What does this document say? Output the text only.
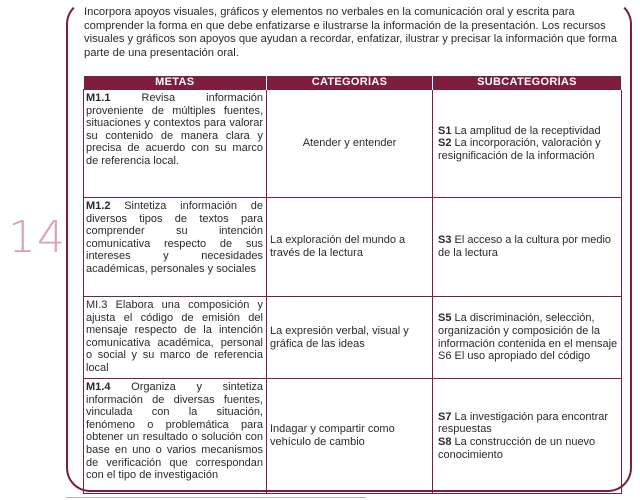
14

Incorpora apoyos visuales, gráficos y elementos no verbales en la comunicación oral y escrita para comprender la forma en que debe enfatizarse e ilustrarse la información de la presentación. Los recursos visuales y gráficos son apoyos que ayudan a recordar, enfatizar, ilustrar y precisar la información que forma parte de una presentación oral.

METAS	CATEGORÍAS	SUBCATEGORÍAS
M1.1 Revisa información proveniente de múltiples fuentes, situaciones y contextos para valorar su contenido de manera clara y precisa de acuerdo con su marco de referencia local.	Atender y entender	S1 La amplitud de la receptividad
S2 La incorporación, valoración y resignificación de la información

M1.2 Sintetiza información de diversos tipos de textos para comprender su intención comunicativa respecto de sus intereses y necesidades académicas, personales y sociales	La exploración del mundo a través de la lectura	S3 El acceso a la cultura por medio de la lectura

MI.3 Elabora una composición y ajusta el código de emisión del mensaje respecto de la intención comunicativa académica, personal o social y su marco de referencia local	La expresión verbal, visual y gráfica de las ideas	S5 La discriminación, selección, organización y composición de la información contenida en el mensaje
S6 El uso apropiado del código

M1.4 Organiza y sintetiza información de diversas fuentes, vinculada con la situación, fenómeno o problemática para obtener un resultado o solución con base en uno o varios mecanismos de verificación que correspondan con el tipo de investigación	Indagar y compartir como vehículo de cambio	S7 La investigación para encontrar respuestas
S8 La construcción de un nuevo conocimiento
